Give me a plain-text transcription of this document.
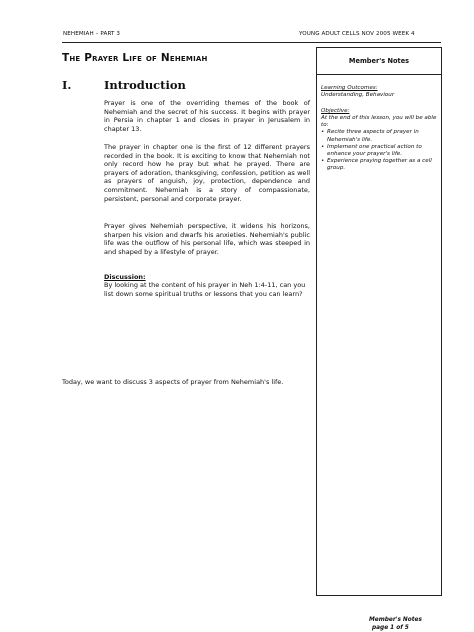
NEHEMIAH – PART 3	YOUNG ADULT CELLS NOV 2005 WEEK 4
The Prayer Life of Nehemiah
I.	Introduction
Prayer is one of the overriding themes of the book of Nehemiah and the secret of his success. It begins with prayer in Persia in chapter 1 and closes in prayer in Jerusalem in chapter 13.
The prayer in chapter one is the first of 12 different prayers recorded in the book. It is exciting to know that Nehemiah not only record how he pray but what he prayed. There are prayers of adoration, thanksgiving, confession, petition as well as prayers of anguish, joy, protection, dependence and commitment. Nehemiah is a story of compassionate, persistent, personal and corporate prayer.
Prayer gives Nehemiah perspective, it widens his horizons, sharpen his vision and dwarfs his anxieties. Nehemiah's public life was the outflow of his personal life, which was steeped in and shaped by a lifestyle of prayer.
Discussion:
By looking at the content of his prayer in Neh 1:4-11, can you list down some spiritual truths or lessons that you can learn?
Today, we want to discuss 3 aspects of prayer from Nehemiah's life.
Member's Notes
Learning Outcomes:
Understanding, Behaviour
Objective:
At the end of this lesson, you will be able to:
• Recite three aspects of prayer in Nehemiah's life.
• Implement one practical action to enhance your prayer's life.
• Experience praying together as a cell group.
Member's Notes
page 1 of 5
